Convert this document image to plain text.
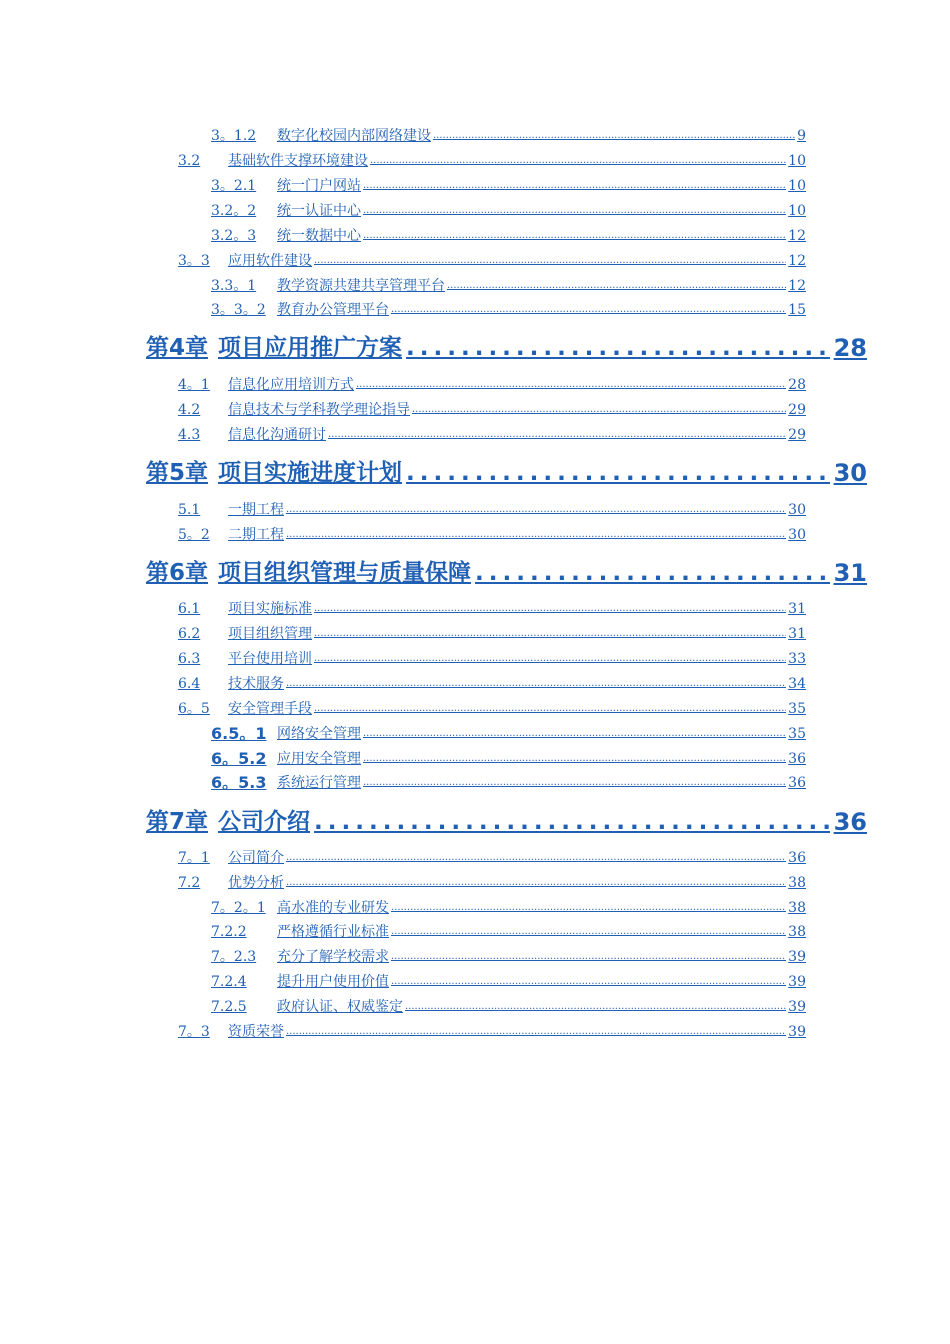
3。1.2	数字化校园内部网络建设 .....	9
3.2	基础软件支撑环境建设 .....	10
3。2.1	统一门户网站 .....	10
3.2。2	统一认证中心 .....	10
3.2。3	统一数据中心 .....	12
3。3	应用软件建设 .....	12
3.3。1	教学资源共建共享管理平台 .....	12
3。3。2 教育办公管理平台 .....	15
第4章 项目应用推广方案 .....	28
4。1	信息化应用培训方式 .....	28
4.2	信息技术与学科教学理论指导 .....	29
4.3	信息化沟通研讨 .....	29
第5章 项目实施进度计划 .....	30
5.1	一期工程 .....	30
5。2	二期工程 .....	30
第6章 项目组织管理与质量保障 .....	31
6.1	项目实施标准 .....	31
6.2	项目组织管理 .....	31
6.3	平台使用培训 .....	33
6.4	技术服务 .....	34
6。5	安全管理手段 .....	35
6.5。1 网络安全管理 .....	35
6。5.2 应用安全管理 .....	36
6。5.3 系统运行管理 .....	36
第7章 公司介绍 .....	36
7。1	公司简介 .....	36
7.2	优势分析 .....	38
7。2。1 高水准的专业研发 .....	38
7.2.2	严格遵循行业标准 .....	38
7。2.3	充分了解学校需求 .....	39
7.2.4	提升用户使用价值 .....	39
7.2.5	政府认证、权威鉴定 .....	39
7。3	资质荣誉 .....	39
